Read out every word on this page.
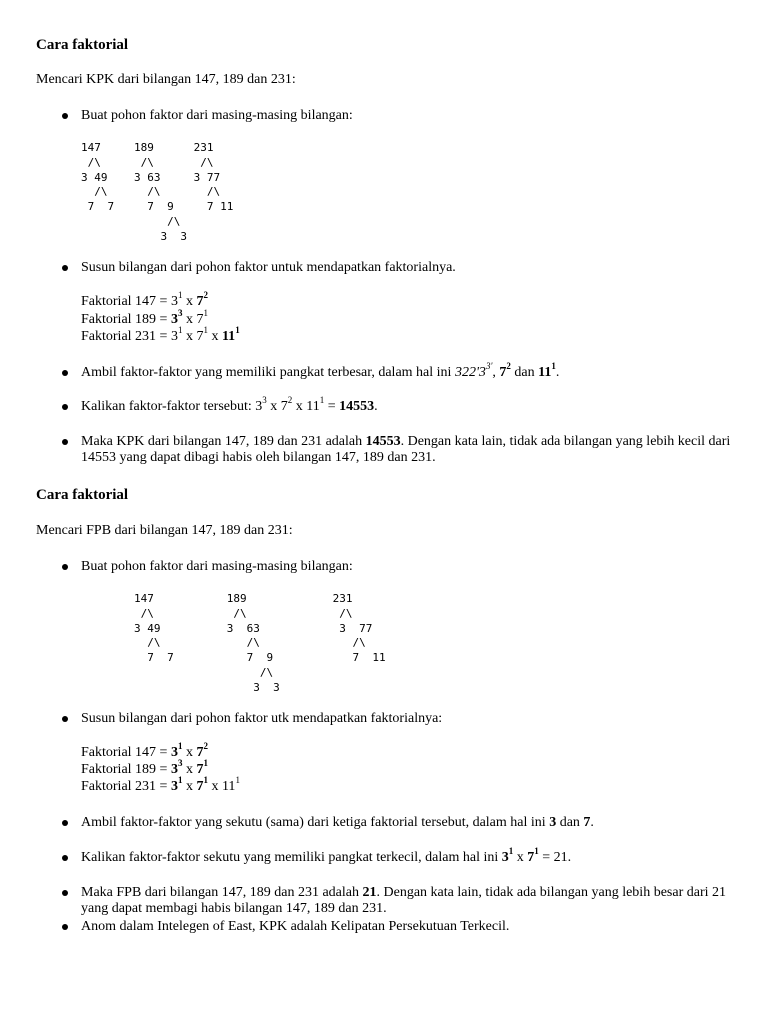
Cara faktorial
Mencari KPK dari bilangan 147, 189 dan 231:
Buat pohon faktor dari masing-masing bilangan:
147     189      231
/\      /\       /\
3 49    3 63     3 77
/\      /\       /\
7  7     7  9     7 11
/\
3  3
Susun bilangan dari pohon faktor untuk mendapatkan faktorialnya.
Faktorial $147 = 3^1$ x $7^2$
Faktorial $189 = 3^3$ x $7^1$
Faktorial $231 = 3^1$ x $7^1$ x $11^1$
Ambil faktor-faktor yang memiliki pangkat terbesar, dalam hal ini $322'3^{3'}$, $7^2$ dan $11^1$.
Kalikan faktor-faktor tersebut: $3^3$ x $7^2$ x $11^1 = 14553$.
Maka KPK dari bilangan 147, 189 dan 231 adalah 14553. Dengan kata lain, tidak ada bilangan yang lebih kecil dari 14553 yang dapat dibagi habis oleh bilangan 147, 189 dan 231.
Cara faktorial
Mencari FPB dari bilangan 147, 189 dan 231:
Buat pohon faktor dari masing-masing bilangan:
147           189             231
/\            /\              /\
3 49          3  63            3  77
/\             /\              /\
7  7           7  9            7  11
/\
3  3
Susun bilangan dari pohon faktor utk mendapatkan faktorialnya:
Faktorial $147 = 3^1$ x $7^2$
Faktorial $189 = 3^3$ x $7^1$
Faktorial $231 = 3^1$ x $7^1$ x $11^1$
Ambil faktor-faktor yang sekutu (sama) dari ketiga faktorial tersebut, dalam hal ini 3 dan 7.
Kalikan faktor-faktor sekutu yang memiliki pangkat terkecil, dalam hal ini $3^1$ x $7^1 = 21$.
Maka FPB dari bilangan 147, 189 dan 231 adalah 21. Dengan kata lain, tidak ada bilangan yang lebih besar dari 21 yang dapat membagi habis bilangan 147, 189 dan 231.
Anom dalam Intelegen of East, KPK adalah Kelipatan Persekutuan Terkecil.
